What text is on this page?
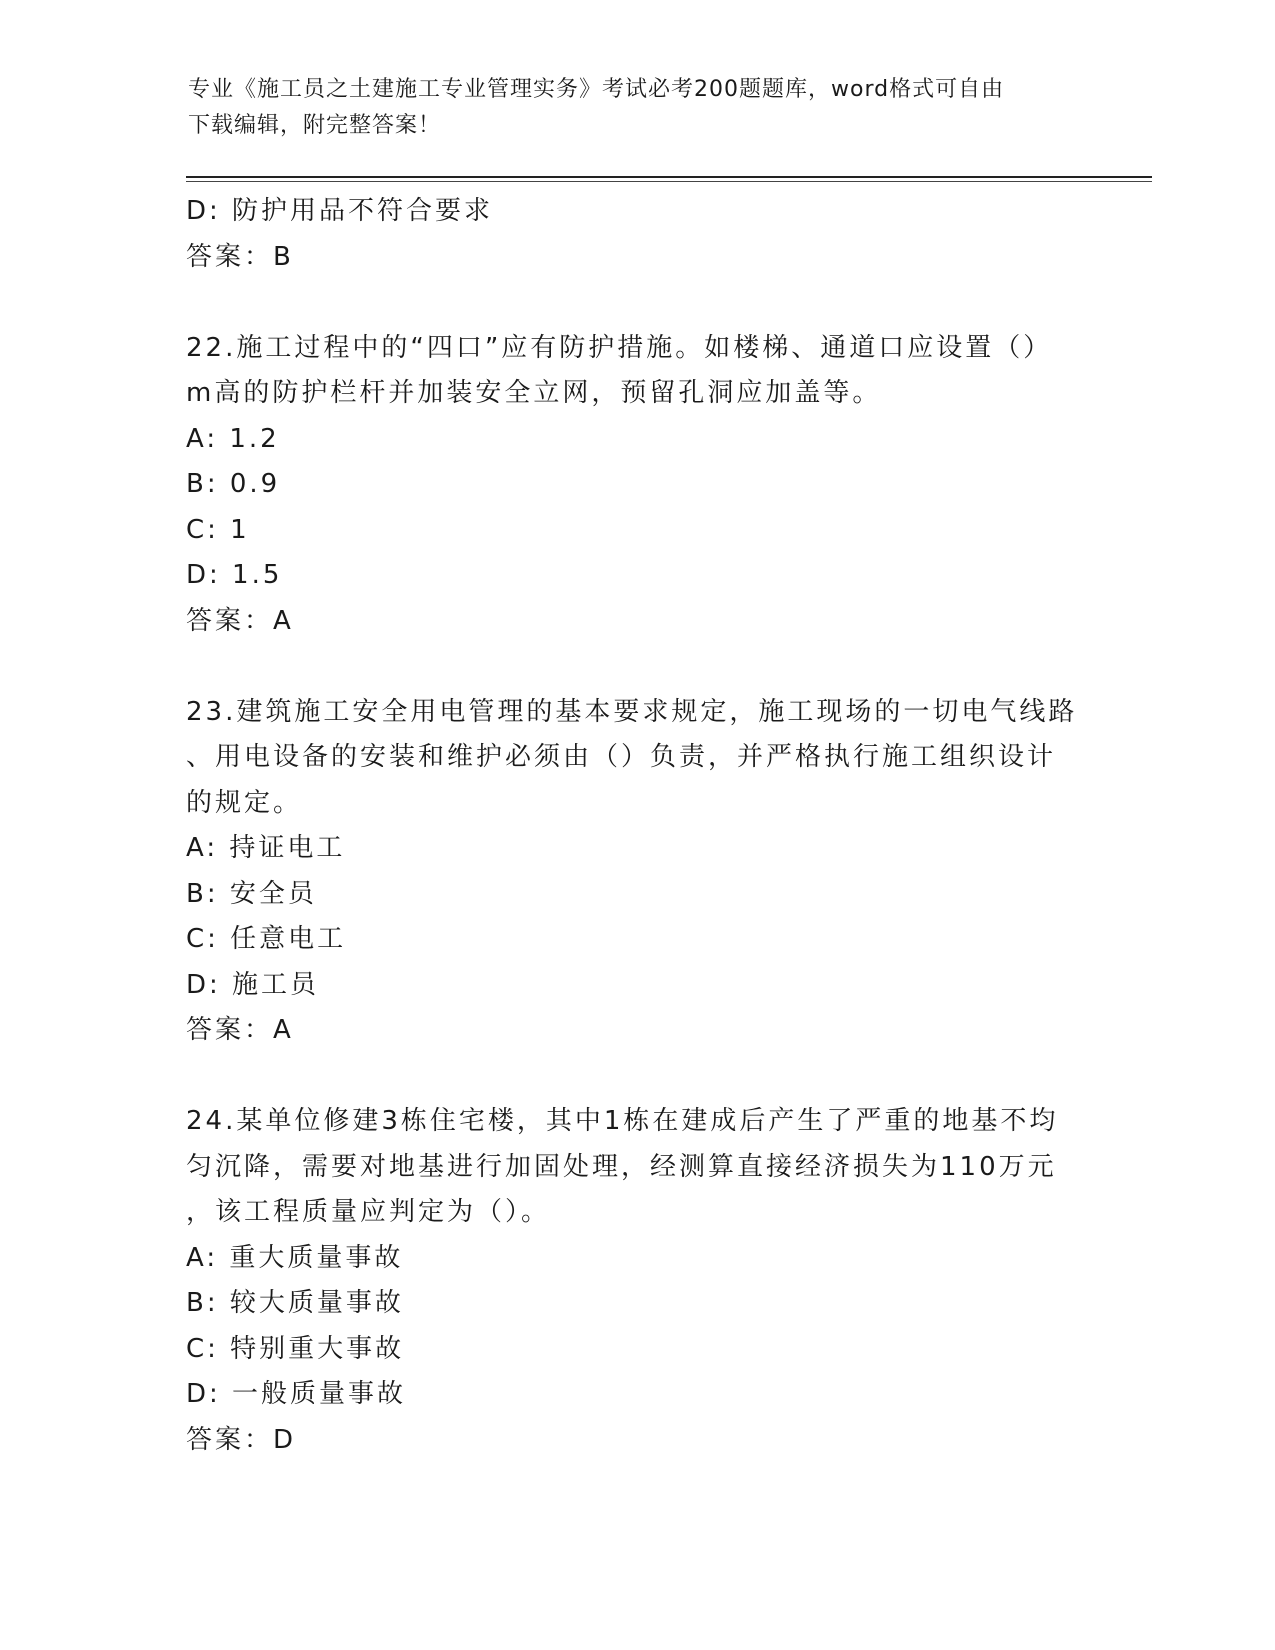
专业《施工员之土建施工专业管理实务》考试必考200题题库，word格式可自由
下载编辑，附完整答案！
D: 防护用品不符合要求
答案：B
22.施工过程中的“四口”应有防护措施。如楼梯、通道口应设置（）
m高的防护栏杆并加装安全立网，预留孔洞应加盖等。
A: 1.2
B: 0.9
C: 1
D: 1.5
答案：A
23.建筑施工安全用电管理的基本要求规定，施工现场的一切电气线路
、用电设备的安装和维护必须由（）负责，并严格执行施工组织设计
的规定。
A: 持证电工
B: 安全员
C: 任意电工
D: 施工员
答案：A
24.某单位修建3栋住宅楼，其中1栋在建成后产生了严重的地基不均
匀沉降，需要对地基进行加固处理，经测算直接经济损失为110万元
，该工程质量应判定为（）。
A: 重大质量事故
B: 较大质量事故
C: 特别重大事故
D: 一般质量事故
答案：D
